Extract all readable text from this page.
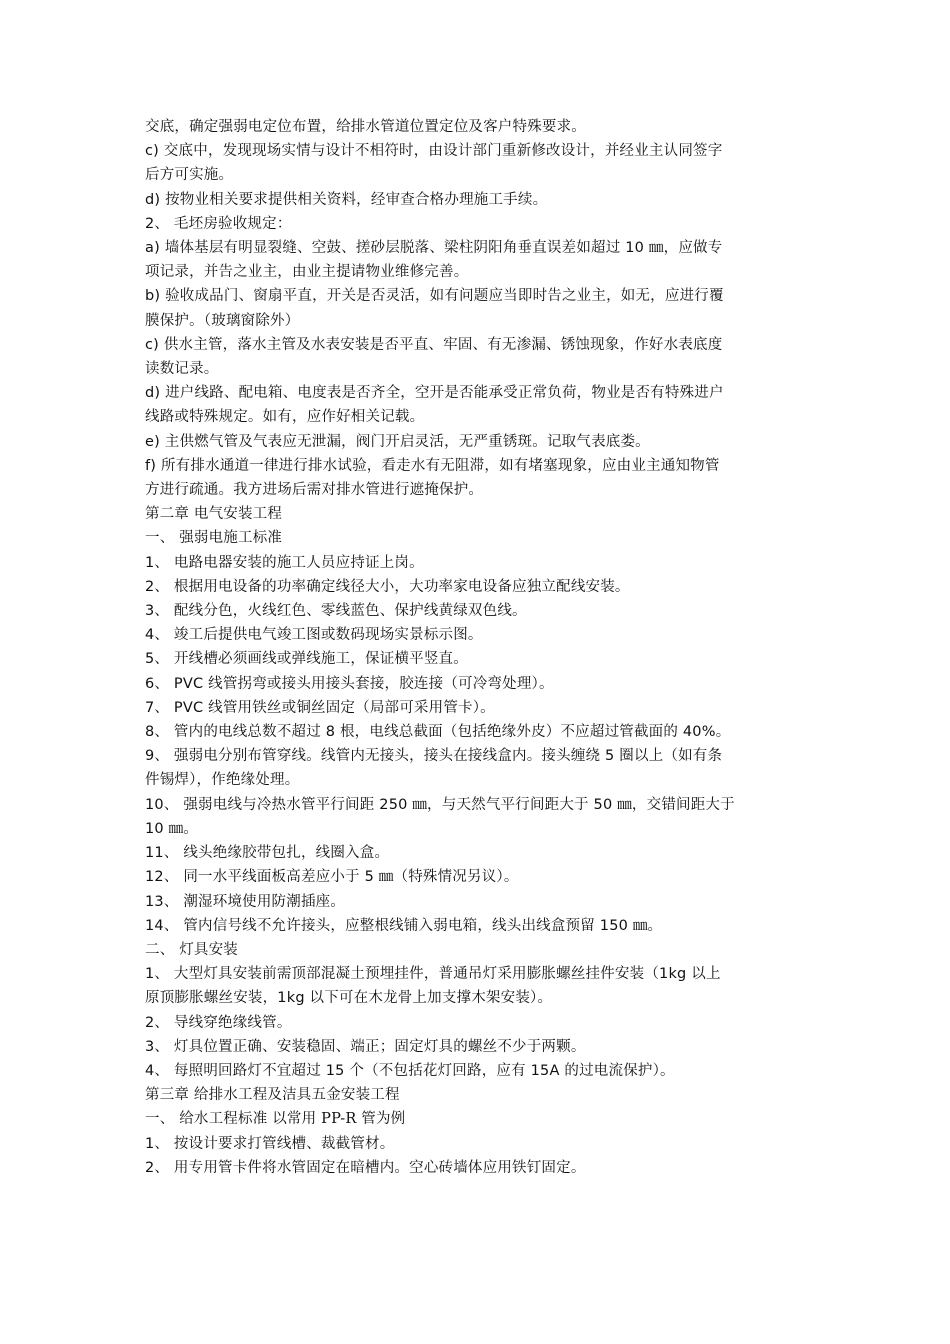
交底，确定强弱电定位布置，给排水管道位置定位及客户特殊要求。
c) 交底中，发现现场实情与设计不相符时，由设计部门重新修改设计，并经业主认同签字
后方可实施。
d) 按物业相关要求提供相关资料，经审查合格办理施工手续。
2、 毛坯房验收规定：
a) 墙体基层有明显裂缝、空鼓、搓砂层脱落、梁柱阴阳角垂直误差如超过 10 ㎜，应做专
项记录，并告之业主，由业主提请物业维修完善。
b) 验收成品门、窗扇平直，开关是否灵活，如有问题应当即时告之业主，如无，应进行覆
膜保护。（玻璃窗除外）
c) 供水主管，落水主管及水表安装是否平直、牢固、有无渗漏、锈蚀现象，作好水表底度
读数记录。
d) 进户线路、配电箱、电度表是否齐全，空开是否能承受正常负荷，物业是否有特殊进户
线路或特殊规定。如有，应作好相关记载。
e) 主供燃气管及气表应无泄漏，阀门开启灵活，无严重锈斑。记取气表底娄。
f) 所有排水通道一律进行排水试验，看走水有无阻滞，如有堵塞现象，应由业主通知物管
方进行疏通。我方进场后需对排水管进行遮掩保护。
第二章 电气安装工程
一、 强弱电施工标准
1、 电路电器安装的施工人员应持证上岗。
2、 根据用电设备的功率确定线径大小，大功率家电设备应独立配线安装。
3、 配线分色，火线红色、零线蓝色、保护线黄绿双色线。
4、 竣工后提供电气竣工图或数码现场实景标示图。
5、 开线槽必须画线或弹线施工，保证横平竖直。
6、 PVC 线管拐弯或接头用接头套接，胶连接（可冷弯处理）。
7、 PVC 线管用铁丝或铜丝固定（局部可采用管卡）。
8、 管内的电线总数不超过 8 根，电线总截面（包括绝缘外皮）不应超过管截面的 40%。
9、 强弱电分别布管穿线。线管内无接头，接头在接线盒内。接头缠绕 5 圈以上（如有条
件锡焊），作绝缘处理。
10、 强弱电线与冷热水管平行间距 250 ㎜，与天然气平行间距大于 50 ㎜，交错间距大于
10 ㎜。
11、 线头绝缘胶带包扎，线圈入盒。
12、 同一水平线面板高差应小于 5 ㎜（特殊情况另议）。
13、 潮湿环境使用防潮插座。
14、 管内信号线不允许接头，应整根线铺入弱电箱，线头出线盒预留 150 ㎜。
二、 灯具安装
1、 大型灯具安装前需顶部混凝土预埋挂件，普通吊灯采用膨胀螺丝挂件安装（1kg 以上
原顶膨胀螺丝安装，1kg 以下可在木龙骨上加支撑木架安装）。
2、 导线穿绝缘线管。
3、 灯具位置正确、安装稳固、端正；固定灯具的螺丝不少于两颗。
4、 每照明回路灯不宜超过 15 个（不包括花灯回路，应有 15A 的过电流保护）。
第三章 给排水工程及洁具五金安装工程
一、 给水工程标准 以常用 PP-R 管为例
1、 按设计要求打管线槽、裁截管材。
2、 用专用管卡件将水管固定在暗槽内。空心砖墙体应用铁钉固定。
